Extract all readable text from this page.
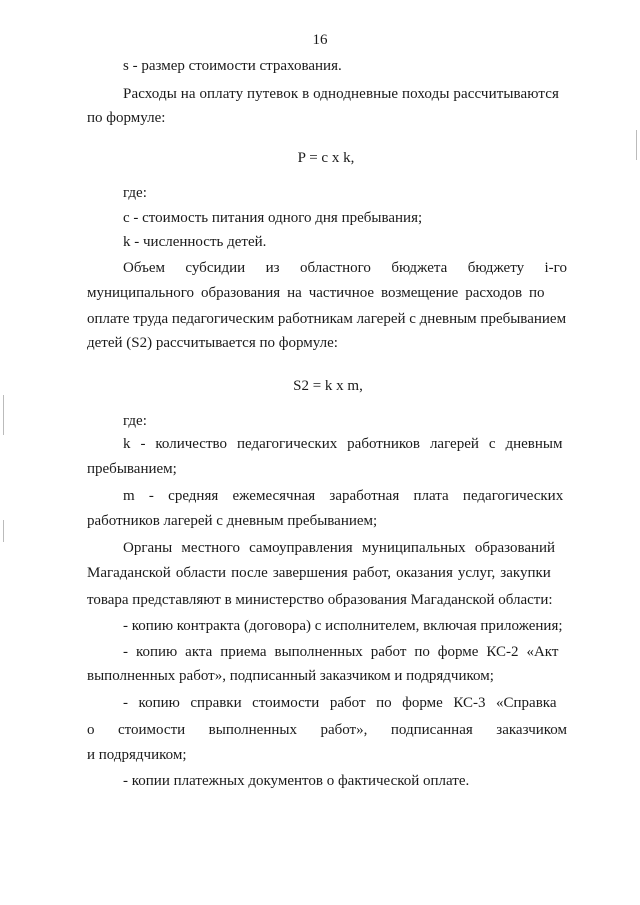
16
s - размер стоимости страхования.
Расходы на оплату путевок в однодневные походы рассчитываются
по формуле:
P = c x k,
где:
с - стоимость питания одного дня пребывания;
k - численность детей.
Объем субсидии из областного бюджета бюджету i-го
муниципального образования на частичное возмещение расходов по
оплате труда педагогическим работникам лагерей с дневным пребыванием
детей (S2) рассчитывается по формуле:
S2 = k x m,
где:
k - количество педагогических работников лагерей с дневным
пребыванием;
m - средняя ежемесячная заработная плата педагогических
работников лагерей с дневным пребыванием;
Органы местного самоуправления муниципальных образований
Магаданской области после завершения работ, оказания услуг, закупки
товара представляют в министерство образования Магаданской области:
- копию контракта (договора) с исполнителем, включая приложения;
- копию акта приема выполненных работ по форме КС-2 «Акт
выполненных работ», подписанный заказчиком и подрядчиком;
- копию справки стоимости работ по форме КС-3 «Справка
о стоимости выполненных работ», подписанная заказчиком
и подрядчиком;
- копии платежных документов о фактической оплате.
